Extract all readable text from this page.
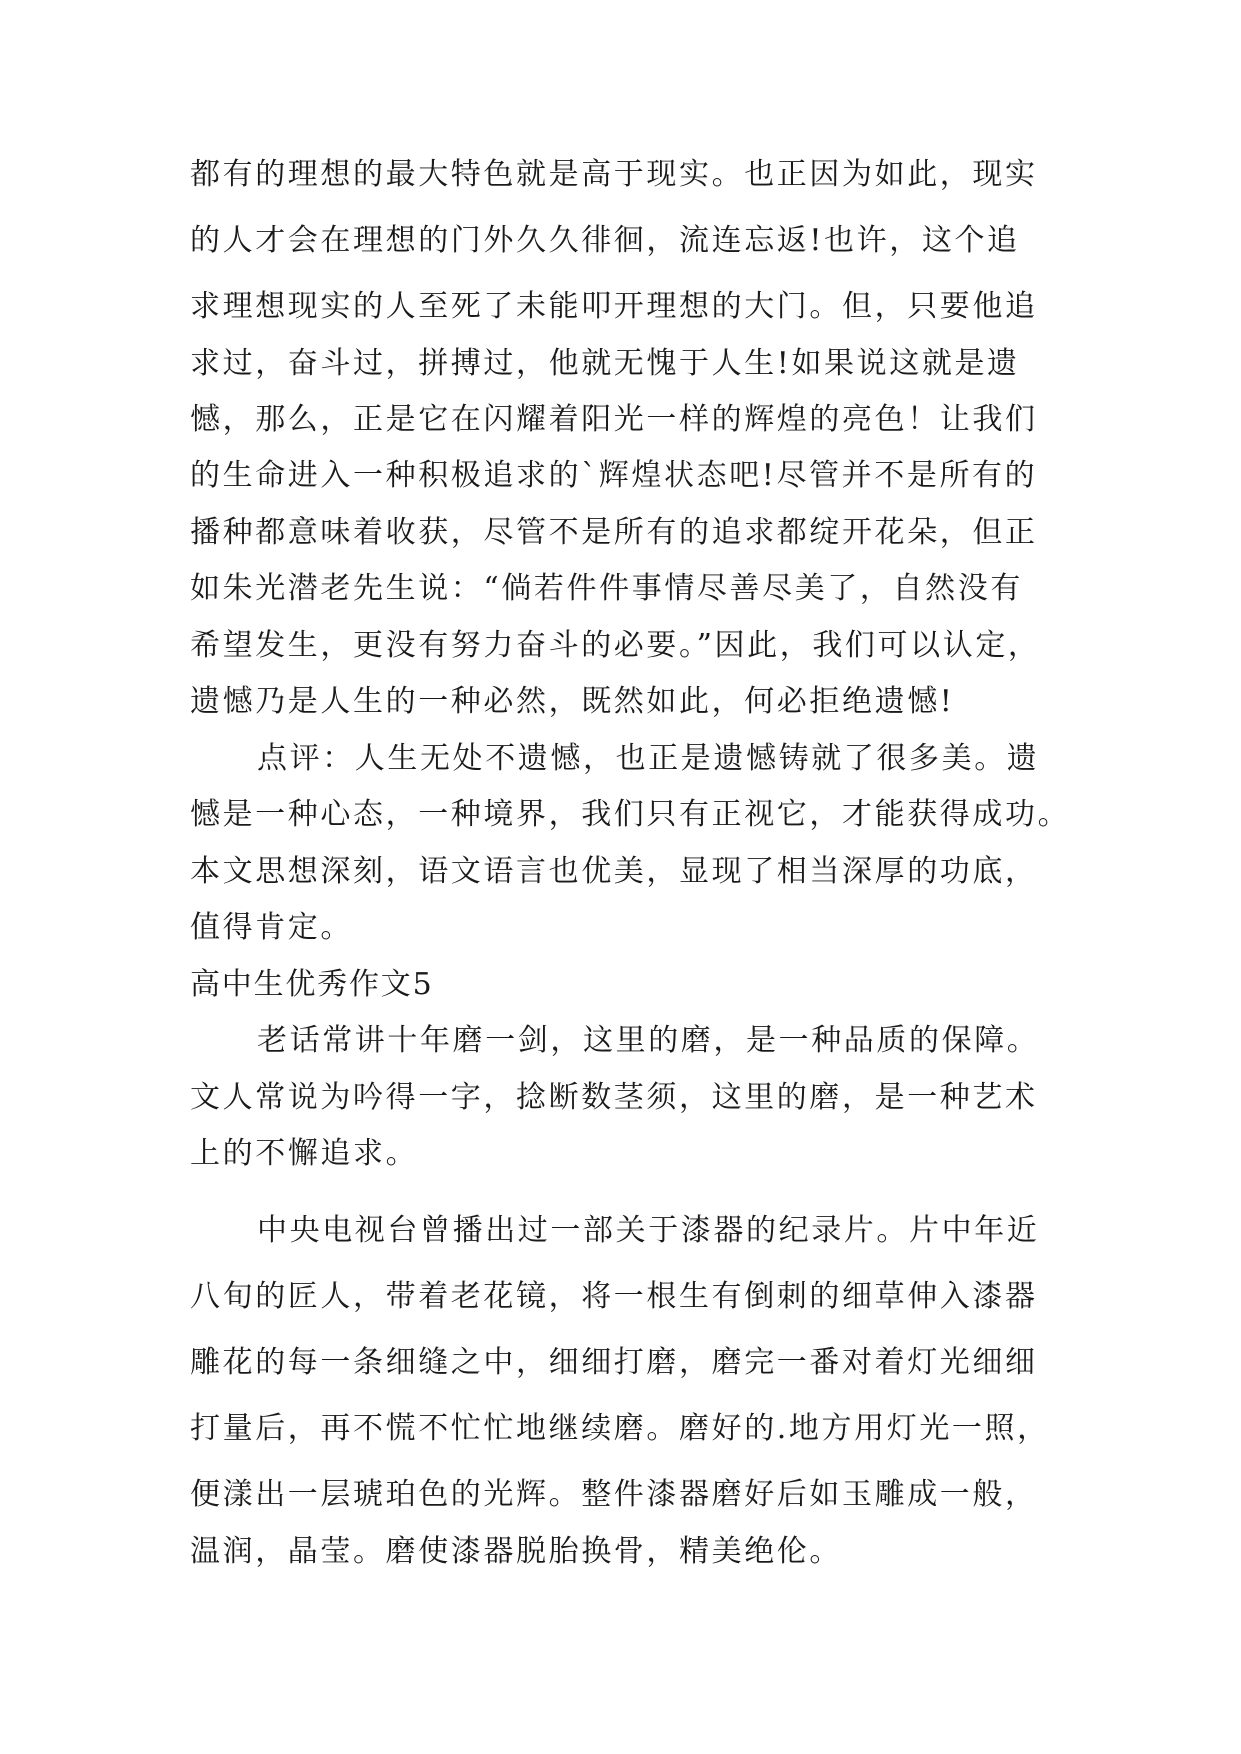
都有的理想的最大特色就是高于现实。也正因为如此，现实
的人才会在理想的门外久久徘徊，流连忘返!也许，这个追
求理想现实的人至死了未能叩开理想的大门。但，只要他追
求过，奋斗过，拼搏过，他就无愧于人生!如果说这就是遗
憾，那么，正是它在闪耀着阳光一样的辉煌的亮色！让我们
的生命进入一种积极追求的`辉煌状态吧!尽管并不是所有的
播种都意味着收获，尽管不是所有的追求都绽开花朵，但正
如朱光潜老先生说：“倘若件件事情尽善尽美了，自然没有
希望发生，更没有努力奋斗的必要。”因此，我们可以认定，
遗憾乃是人生的一种必然，既然如此，何必拒绝遗憾!
点评：人生无处不遗憾，也正是遗憾铸就了很多美。遗
憾是一种心态，一种境界，我们只有正视它，才能获得成功。
本文思想深刻，语文语言也优美，显现了相当深厚的功底，
值得肯定。
高中生优秀作文5
老话常讲十年磨一剑，这里的磨，是一种品质的保障。
文人常说为吟得一字，捻断数茎须，这里的磨，是一种艺术
上的不懈追求。
中央电视台曾播出过一部关于漆器的纪录片。片中年近
八旬的匠人，带着老花镜，将一根生有倒刺的细草伸入漆器
雕花的每一条细缝之中，细细打磨，磨完一番对着灯光细细
打量后，再不慌不忙忙地继续磨。磨好的.地方用灯光一照，
便漾出一层琥珀色的光辉。整件漆器磨好后如玉雕成一般，
温润，晶莹。磨使漆器脱胎换骨，精美绝伦。
